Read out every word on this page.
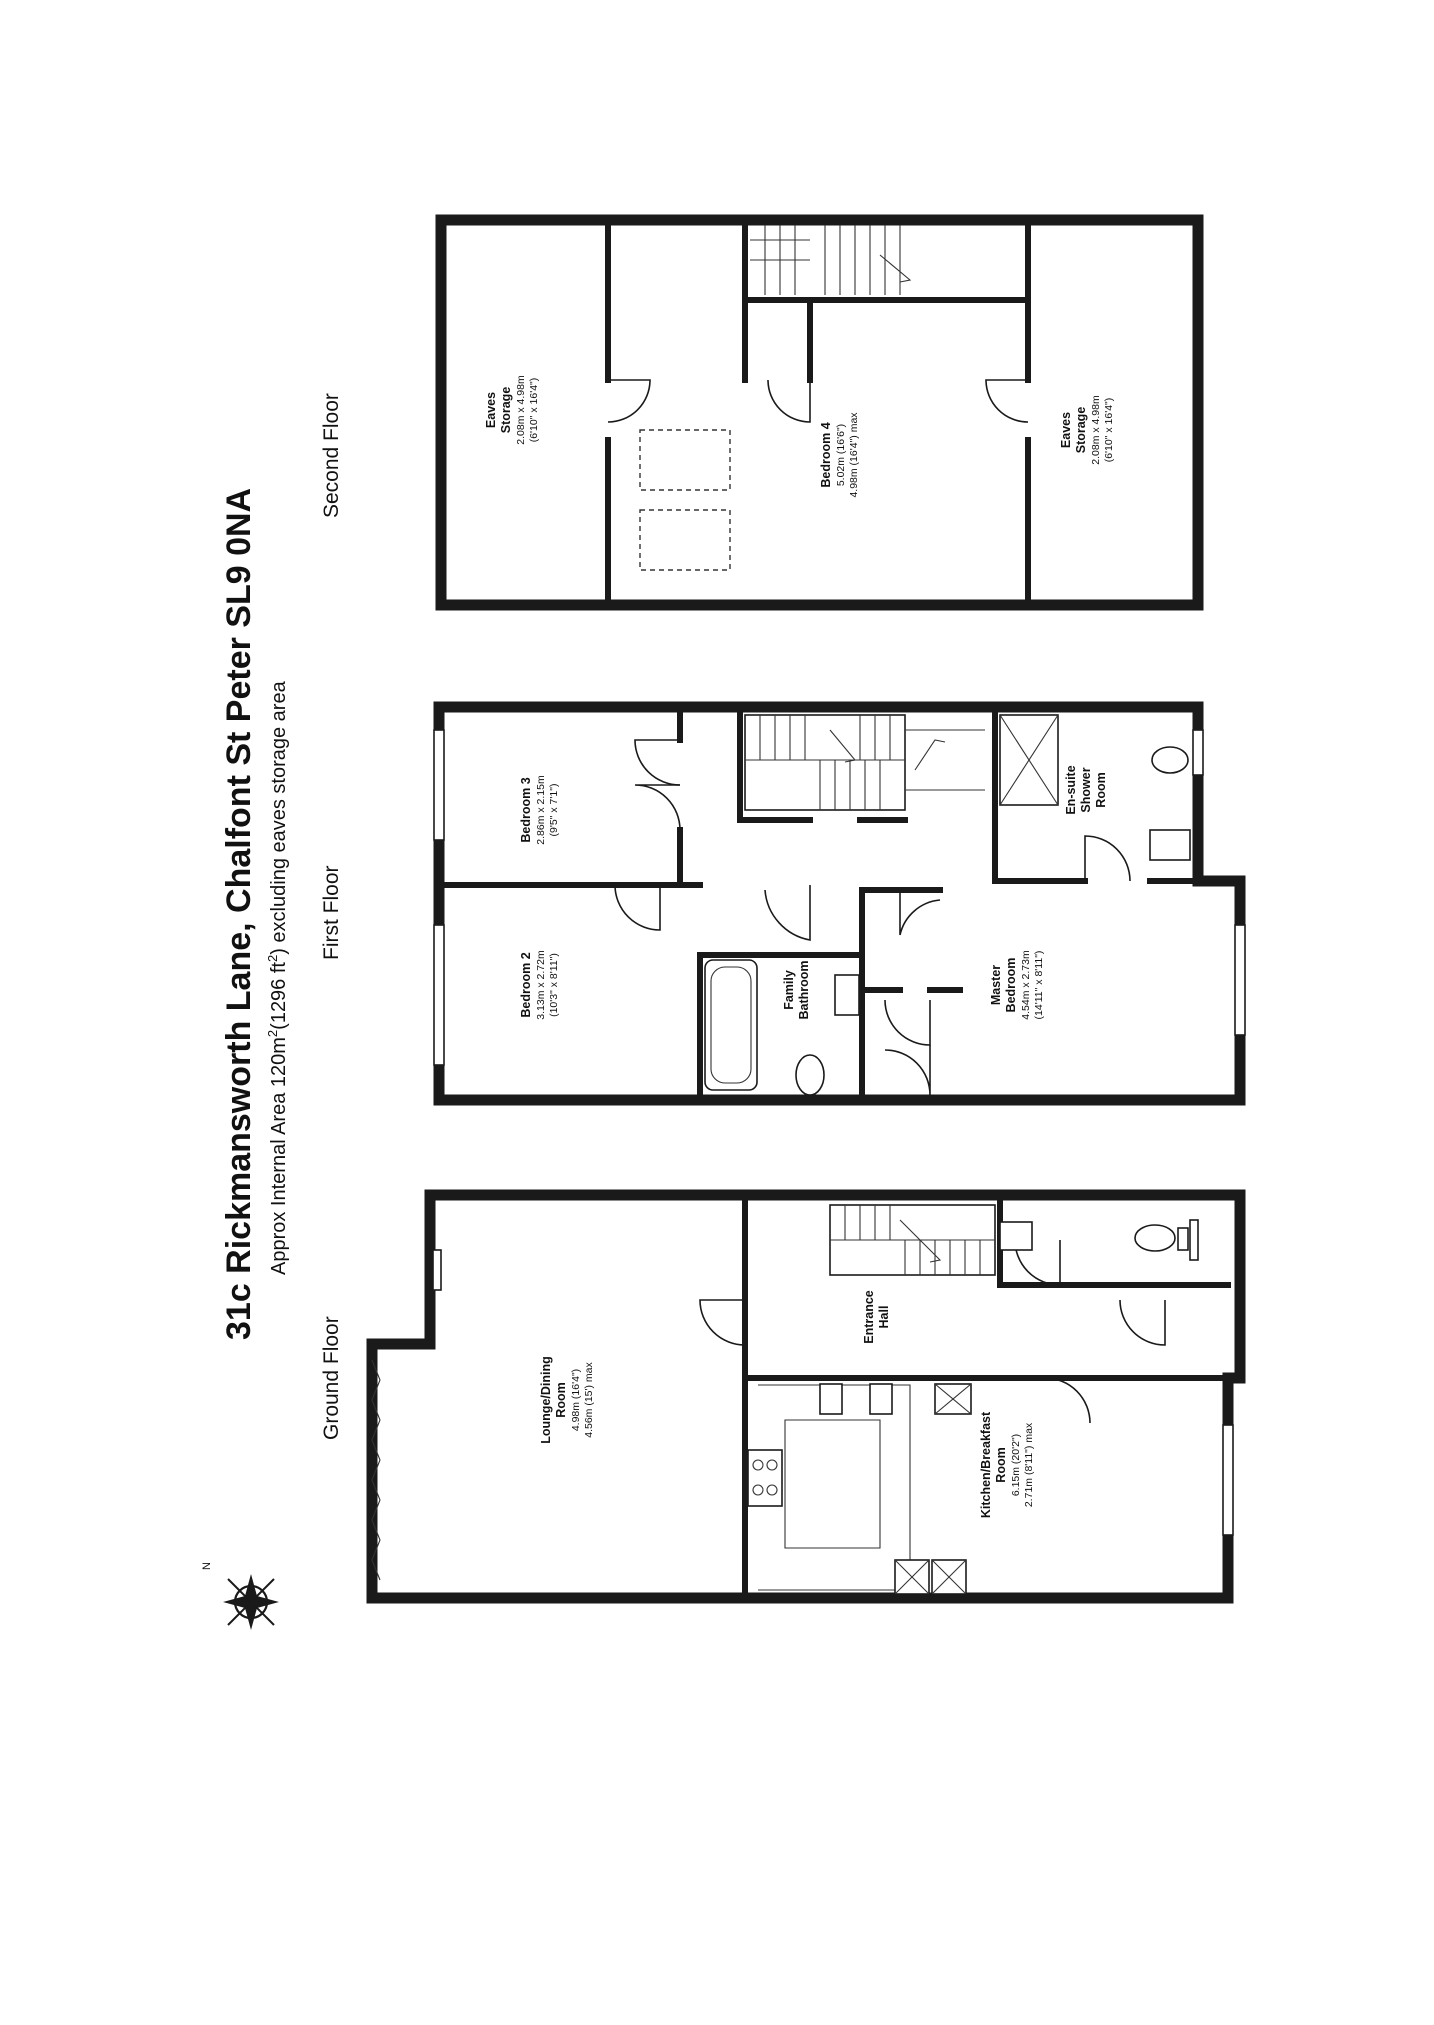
31c Rickmansworth Lane, Chalfont St Peter SL9 0NA Approx Internal Area $120m^2(1296$ $ft^2$) excluding eaves storage area
Ground Floor
First Floor
Second Floor
N
Lounge/Dining Room 4.98m (16'4") 4.56m (15') max
Entrance Hall
Kitchen/Breakfast Room 6.15m (20'2") 2.71m (8'11") max
Bedroom 3 2.86m x 2.15m (9'5" x 7'1")
Bedroom 2 3.13m x 2.72m (10'3" x 8'11")	Family Bathroom
En-suite Shower Room
Master Bedroom 4.54m x 2.73m (14'11" x 8'11")
Eaves Storage 2.08m x 4.98m (6'10" x 16'4")
Bedroom 4 5.02m (16'6") 4.98m (16'4") max	Eaves Storage 2.08m x 4.98m (6'10" x 16'4")
